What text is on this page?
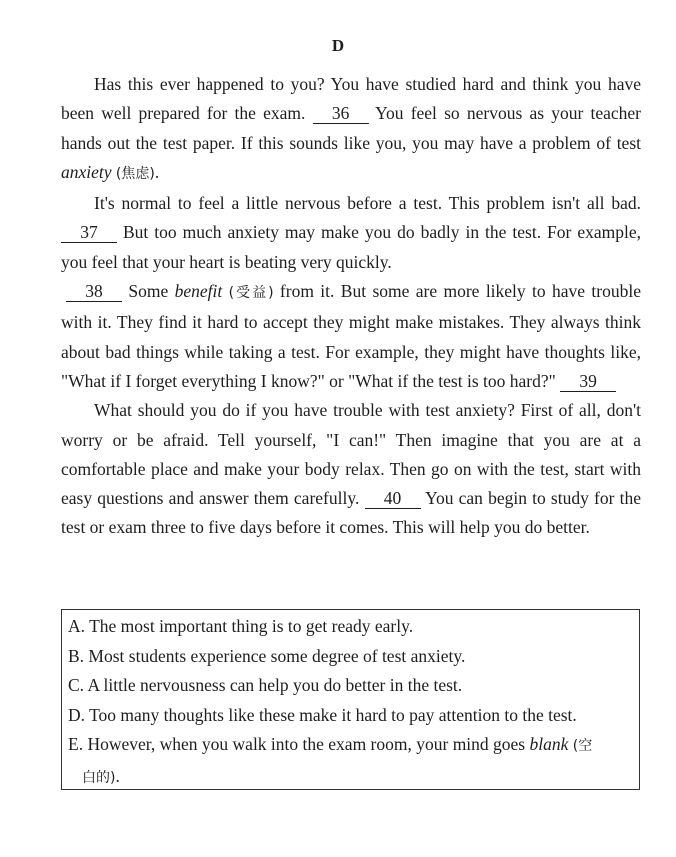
D

Has this ever happened to you? You have studied hard and think you have been well prepared for the exam. 36 You feel so nervous as your teacher hands out the test paper. If this sounds like you, you may have a problem of test anxiety (焦虑).

It's normal to feel a little nervous before a test. This problem isn't all bad. 37 But too much anxiety may make you do badly in the test. For example, you feel that your heart is beating very quickly.

38 Some benefit (受益) from it. But some are more likely to have trouble with it. They find it hard to accept they might make mistakes. They always think about bad things while taking a test. For example, they might have thoughts like, "What if I forget everything I know?" or "What if the test is too hard?" 39

What should you do if you have trouble with test anxiety? First of all, don't worry or be afraid. Tell yourself, "I can!" Then imagine that you are at a comfortable place and make your body relax. Then go on with the test, start with easy questions and answer them carefully. 40 You can begin to study for the test or exam three to five days before it comes. This will help you do better.

A. The most important thing is to get ready early.
B. Most students experience some degree of test anxiety.
C. A little nervousness can help you do better in the test.
D. Too many thoughts like these make it hard to pay attention to the test.
E. However, when you walk into the exam room, your mind goes blank (空
白的).
